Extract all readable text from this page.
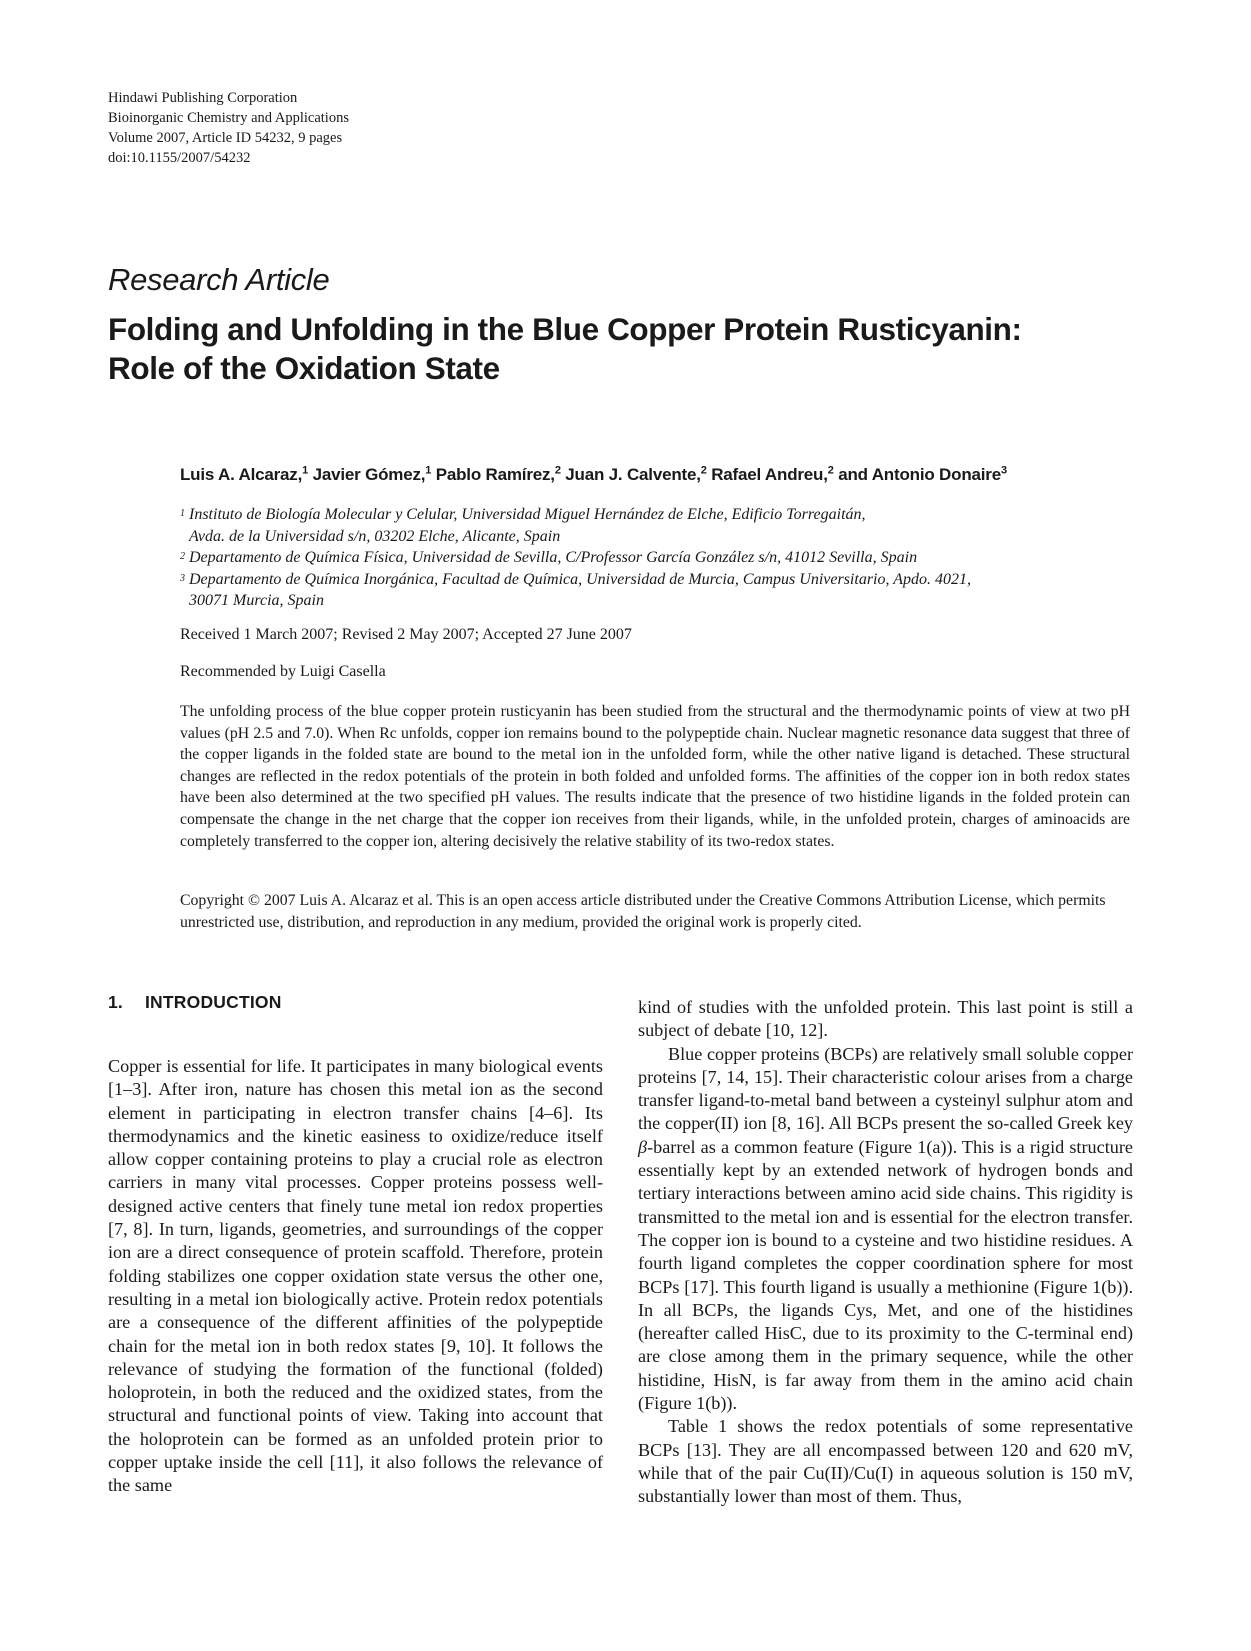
Hindawi Publishing Corporation
Bioinorganic Chemistry and Applications
Volume 2007, Article ID 54232, 9 pages
doi:10.1155/2007/54232
Research Article
Folding and Unfolding in the Blue Copper Protein Rusticyanin:
Role of the Oxidation State
Luis A. Alcaraz,$^1$ Javier Gómez,$^1$ Pablo Ramírez,$^2$ Juan J. Calvente,$^2$ Rafael Andreu,$^2$ and Antonio Donaire$^3$
1 Instituto de Biología Molecular y Celular, Universidad Miguel Hernández de Elche, Edificio Torregaitán,
Avda. de la Universidad s/n, 03202 Elche, Alicante, Spain
2 Departamento de Química Física, Universidad de Sevilla, C/Professor García González s/n, 41012 Sevilla, Spain
3 Departamento de Química Inorgánica, Facultad de Química, Universidad de Murcia, Campus Universitario, Apdo. 4021,
30071 Murcia, Spain
Received 1 March 2007; Revised 2 May 2007; Accepted 27 June 2007
Recommended by Luigi Casella

The unfolding process of the blue copper protein rusticyanin has been studied from the structural and the thermodynamic points of view at two pH values (pH 2.5 and 7.0). When Rc unfolds, copper ion remains bound to the polypeptide chain. Nuclear magnetic resonance data suggest that three of the copper ligands in the folded state are bound to the metal ion in the unfolded form, while the other native ligand is detached. These structural changes are reflected in the redox potentials of the protein in both folded and unfolded forms. The affinities of the copper ion in both redox states have been also determined at the two specified pH values. The results indicate that the presence of two histidine ligands in the folded protein can compensate the change in the net charge that the copper ion receives from their ligands, while, in the unfolded protein, charges of aminoacids are completely transferred to the copper ion, altering decisively the relative stability of its two-redox states.

Copyright © 2007 Luis A. Alcaraz et al. This is an open access article distributed under the Creative Commons Attribution License, which permits unrestricted use, distribution, and reproduction in any medium, provided the original work is properly cited.

1. INTRODUCTION

Copper is essential for life. It participates in many biological events [1–3]. After iron, nature has chosen this metal ion as the second element in participating in electron transfer chains [4–6]. Its thermodynamics and the kinetic easiness to oxidize/reduce itself allow copper containing proteins to play a crucial role as electron carriers in many vital processes. Copper proteins possess well-designed active centers that finely tune metal ion redox properties [7, 8]. In turn, ligands, geometries, and surroundings of the copper ion are a direct consequence of protein scaffold. Therefore, protein folding stabilizes one copper oxidation state versus the other one, resulting in a metal ion biologically active. Protein redox potentials are a consequence of the different affinities of the polypeptide chain for the metal ion in both redox states [9, 10]. It follows the relevance of studying the formation of the functional (folded) holoprotein, in both the reduced and the oxidized states, from the structural and functional points of view. Taking into account that the holoprotein can be formed as an unfolded protein prior to copper uptake inside the cell [11], it also follows the relevance of the same

kind of studies with the unfolded protein. This last point is still a subject of debate [10, 12].

Blue copper proteins (BCPs) are relatively small soluble copper proteins [7, 14, 15]. Their characteristic colour arises from a charge transfer ligand-to-metal band between a cysteinyl sulphur atom and the copper(II) ion [8, 16]. All BCPs present the so-called Greek key β-barrel as a common feature (Figure 1(a)). This is a rigid structure essentially kept by an extended network of hydrogen bonds and tertiary interactions between amino acid side chains. This rigidity is transmitted to the metal ion and is essential for the electron transfer. The copper ion is bound to a cysteine and two histidine residues. A fourth ligand completes the copper coordination sphere for most BCPs [17]. This fourth ligand is usually a methionine (Figure 1(b)). In all BCPs, the ligands Cys, Met, and one of the histidines (hereafter called HisC, due to its proximity to the C-terminal end) are close among them in the primary sequence, while the other histidine, HisN, is far away from them in the amino acid chain (Figure 1(b)).

Table 1 shows the redox potentials of some representative BCPs [13]. They are all encompassed between 120 and 620 mV, while that of the pair Cu(II)/Cu(I) in aqueous solution is 150 mV, substantially lower than most of them. Thus,
